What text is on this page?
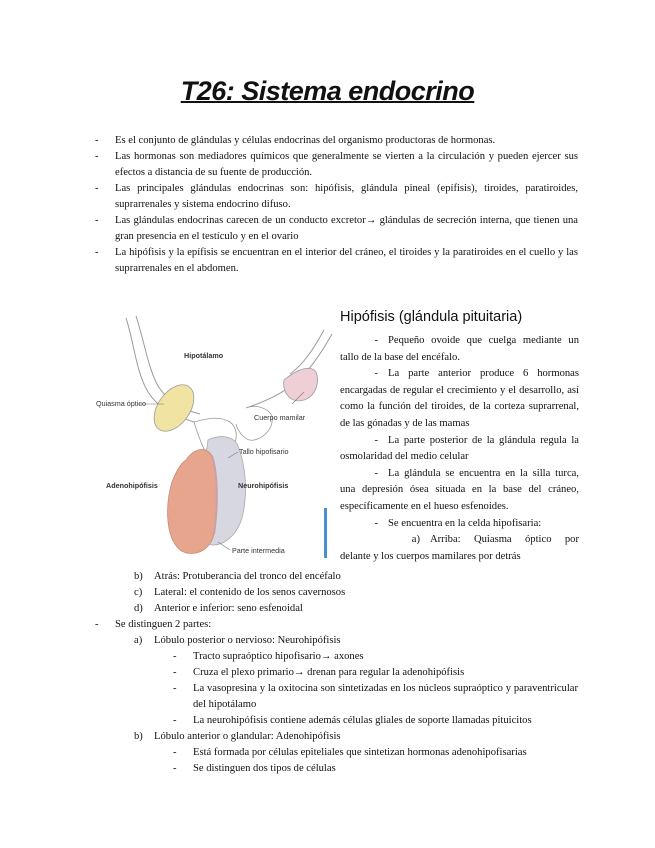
T26: Sistema endocrino
- Es el conjunto de glándulas y células endocrinas del organismo productoras de hormonas.
- Las hormonas son mediadores químicos que generalmente se vierten a la circulación y pueden ejercer sus efectos a distancia de su fuente de producción.
- Las principales glándulas endocrinas son: hipófisis, glándula pineal (epífisis), tiroides, paratiroides, suprarrenales y sistema endocrino difuso.
- Las glándulas endocrinas carecen de un conducto excretor→ glándulas de secreción interna, que tienen una gran presencia en el testículo y en el ovario
- La hipófisis y la epífisis se encuentran en el interior del cráneo, el tiroides y la paratiroides en el cuello y las suprarrenales en el abdomen.
Hipotálamo
Quiasma óptico
Cuerpo mamilar
Tallo hipofisario
Adenohipófisis	Neurohipófisis
Parte intermedia
Hipófisis (glándula pituitaria)

- Pequeño ovoide que cuelga mediante un tallo de la base del encéfalo.

- La parte anterior produce 6 hormonas encargadas de regular el crecimiento y el desarrollo, así como la función del tiroides, de la corteza suprarrenal, de las gónadas y de las mamas

- La parte posterior de la glándula regula la osmolaridad del medio celular

- La glándula se encuentra en la silla turca, una depresión ósea situada en la base del cráneo, específicamente en el hueso esfenoides.

- Se encuentra en la celda hipofisaria:

a) Arriba: Quiasma óptico por delante y los cuerpos mamilares por detrás

b) Atrás: Protuberancia del tronco del encéfalo
c) Lateral: el contenido de los senos cavernosos
d) Anterior e inferior: seno esfenoidal
- Se distinguen 2 partes:
a) Lóbulo posterior o nervioso: Neurohipófisis
- Tracto supraóptico hipofisario→ axones
- Cruza el plexo primario→ drenan para regular la adenohipófisis
- La vasopresina y la oxitocina son sintetizadas en los núcleos supraóptico y paraventricular del hipotálamo
- La neurohipófisis contiene además células gliales de soporte llamadas pituicitos
b) Lóbulo anterior o glandular: Adenohipófisis
- Está formada por células epiteliales que sintetizan hormonas adenohipofisarias
- Se distinguen dos tipos de células
